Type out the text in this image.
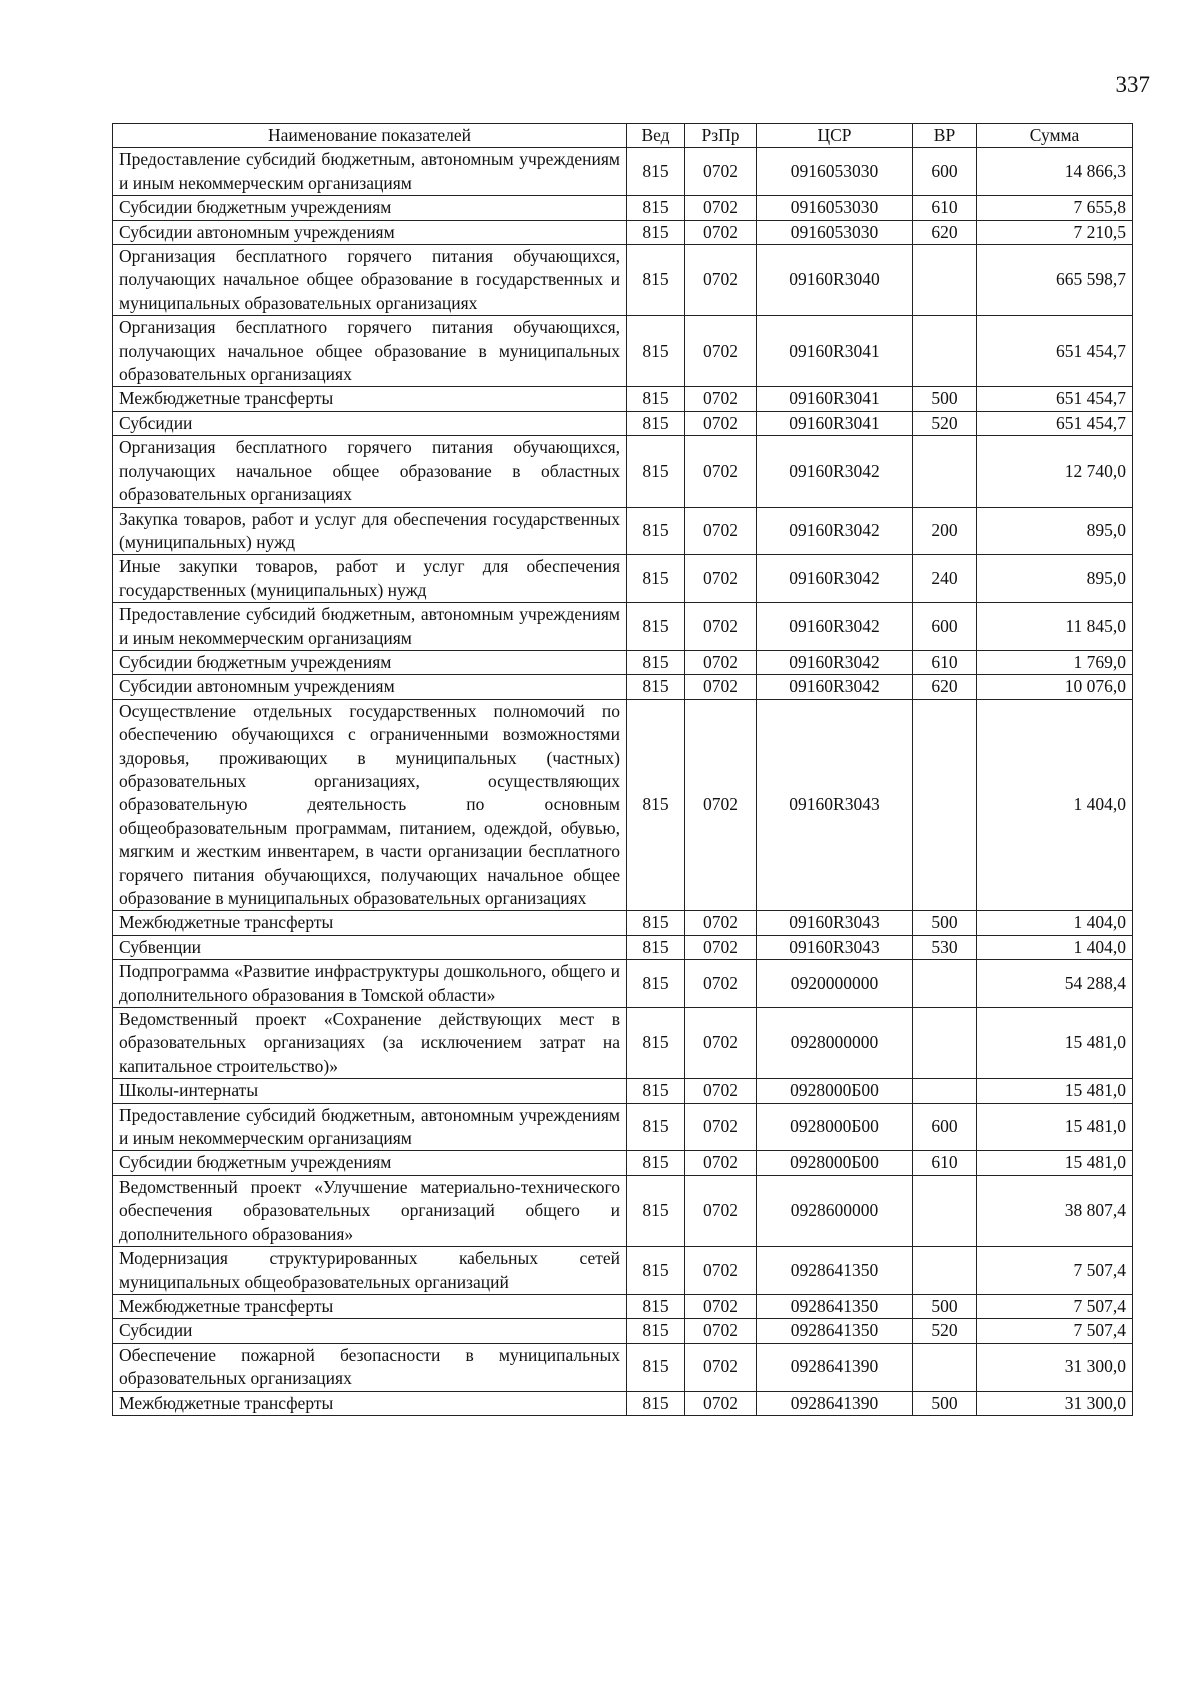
337
Наименование показателей	Вед	РзПр	ЦСР	ВР	Сумма
Предоставление субсидий бюджетным, автономным учреждениям и иным некоммерческим организациям	815	0702	0916053030	600	14 866,3
Субсидии бюджетным учреждениям	815	0702	0916053030	610	7 655,8
Субсидии автономным учреждениям	815	0702	0916053030	620	7 210,5
Организация бесплатного горячего питания обучающихся, получающих начальное общее образование в государственных и муниципальных образовательных организациях	815	0702	09160R3040		665 598,7
Организация бесплатного горячего питания обучающихся, получающих начальное общее образование в муниципальных образовательных организациях	815	0702	09160R3041		651 454,7
Межбюджетные трансферты	815	0702	09160R3041	500	651 454,7
Субсидии	815	0702	09160R3041	520	651 454,7
Организация бесплатного горячего питания обучающихся, получающих начальное общее образование в областных образовательных организациях	815	0702	09160R3042		12 740,0
Закупка товаров, работ и услуг для обеспечения государственных (муниципальных) нужд	815	0702	09160R3042	200	895,0
Иные закупки товаров, работ и услуг для обеспечения государственных (муниципальных) нужд	815	0702	09160R3042	240	895,0
Предоставление субсидий бюджетным, автономным учреждениям и иным некоммерческим организациям	815	0702	09160R3042	600	11 845,0
Субсидии бюджетным учреждениям	815	0702	09160R3042	610	1 769,0
Субсидии автономным учреждениям	815	0702	09160R3042	620	10 076,0
Осуществление отдельных государственных полномочий по обеспечению обучающихся с ограниченными возможностями здоровья, проживающих в муниципальных (частных) образовательных организациях, осуществляющих образовательную деятельность по основным общеобразовательным программам, питанием, одеждой, обувью, мягким и жестким инвентарем, в части организации бесплатного горячего питания обучающихся, получающих начальное общее образование в муниципальных образовательных организациях	815	0702	09160R3043		1 404,0
Межбюджетные трансферты	815	0702	09160R3043	500	1 404,0
Субвенции	815	0702	09160R3043	530	1 404,0
Подпрограмма «Развитие инфраструктуры дошкольного, общего и дополнительного образования в Томской области»	815	0702	0920000000		54 288,4
Ведомственный проект «Сохранение действующих мест в образовательных организациях (за исключением затрат на капитальное строительство)»	815	0702	0928000000		15 481,0
Школы-интернаты	815	0702	0928000Б00		15 481,0
Предоставление субсидий бюджетным, автономным учреждениям и иным некоммерческим организациям	815	0702	0928000Б00	600	15 481,0
Субсидии бюджетным учреждениям	815	0702	0928000Б00	610	15 481,0
Ведомственный проект «Улучшение материально-технического обеспечения образовательных организаций общего и дополнительного образования»	815	0702	0928600000		38 807,4
Модернизация структурированных кабельных сетей муниципальных общеобразовательных организаций	815	0702	0928641350		7 507,4
Межбюджетные трансферты	815	0702	0928641350	500	7 507,4
Субсидии	815	0702	0928641350	520	7 507,4
Обеспечение пожарной безопасности в муниципальных образовательных организациях	815	0702	0928641390		31 300,0
Межбюджетные трансферты	815	0702	0928641390	500	31 300,0
